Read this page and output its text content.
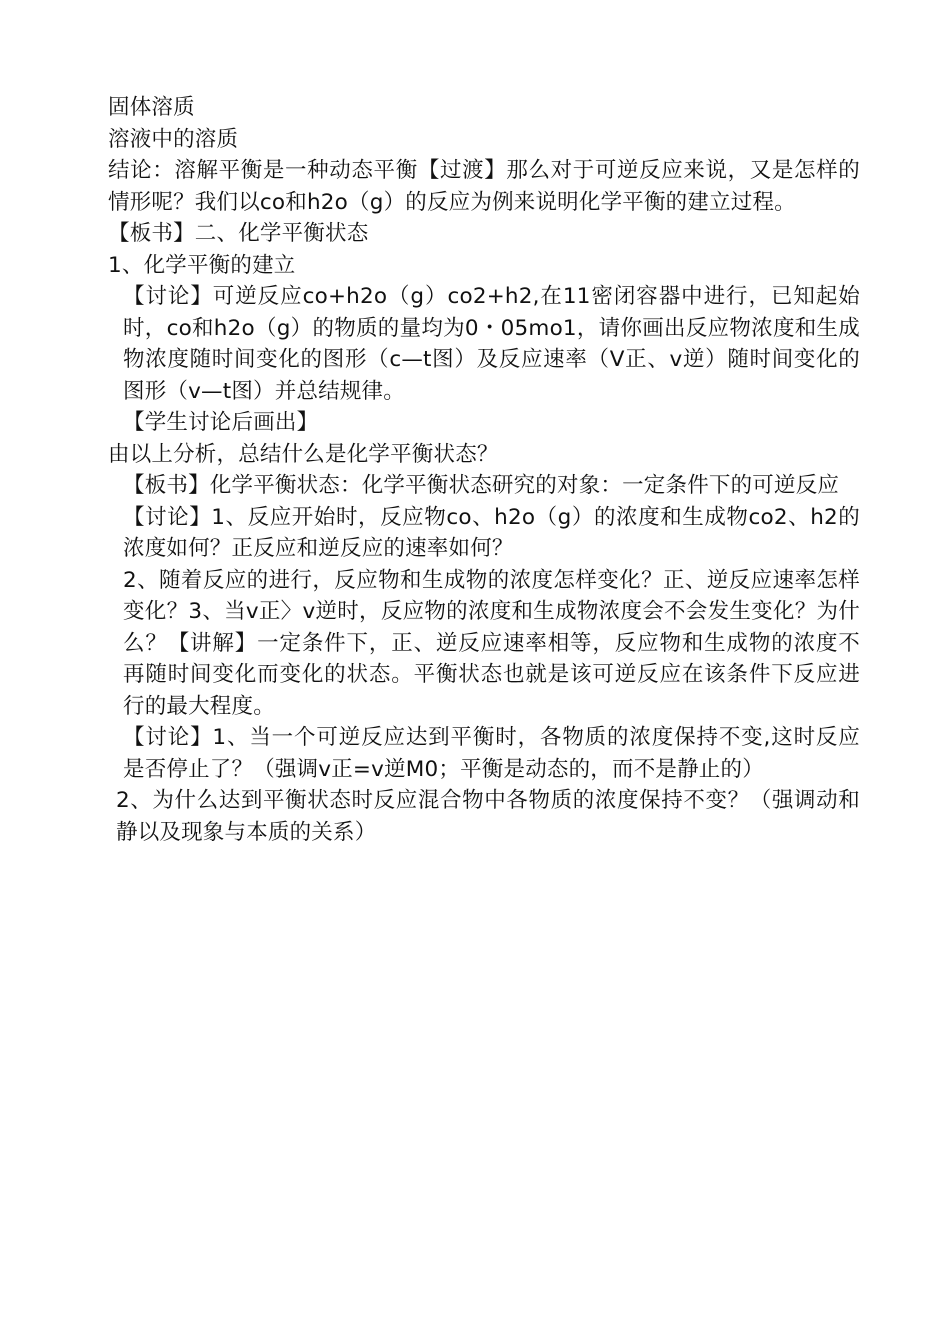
固体溶质

溶液中的溶质

结论：溶解平衡是一种动态平衡【过渡】那么对于可逆反应来说，又是怎样的情形呢？我们以co和h2o（g）的反应为例来说明化学平衡的建立过程。

【板书】二、化学平衡状态

1、化学平衡的建立

【讨论】可逆反应co+h2o（g）co2+h2,在11密闭容器中进行，已知起始时，co和h2o（g）的物质的量均为0・05mo1，请你画出反应物浓度和生成物浓度随时间变化的图形（c—t图）及反应速率（V正、v逆）随时间变化的图形（v—t图）并总结规律。

【学生讨论后画出】

由以上分析，总结什么是化学平衡状态？

【板书】化学平衡状态：化学平衡状态研究的对象：一定条件下的可逆反应

【讨论】1、反应开始时，反应物co、h2o（g）的浓度和生成物co2、h2的浓度如何？正反应和逆反应的速率如何？

2、随着反应的进行，反应物和生成物的浓度怎样变化？正、逆反应速率怎样变化？3、当v正〉v逆时，反应物的浓度和生成物浓度会不会发生变化？为什么？【讲解】一定条件下，正、逆反应速率相等，反应物和生成物的浓度不再随时间变化而变化的状态。平衡状态也就是该可逆反应在该条件下反应进行的最大程度。

【讨论】1、当一个可逆反应达到平衡时，各物质的浓度保持不变,这时反应是否停止了？（强调v正=v逆M0；平衡是动态的，而不是静止的）

2、为什么达到平衡状态时反应混合物中各物质的浓度保持不变？（强调动和静以及现象与本质的关系）
